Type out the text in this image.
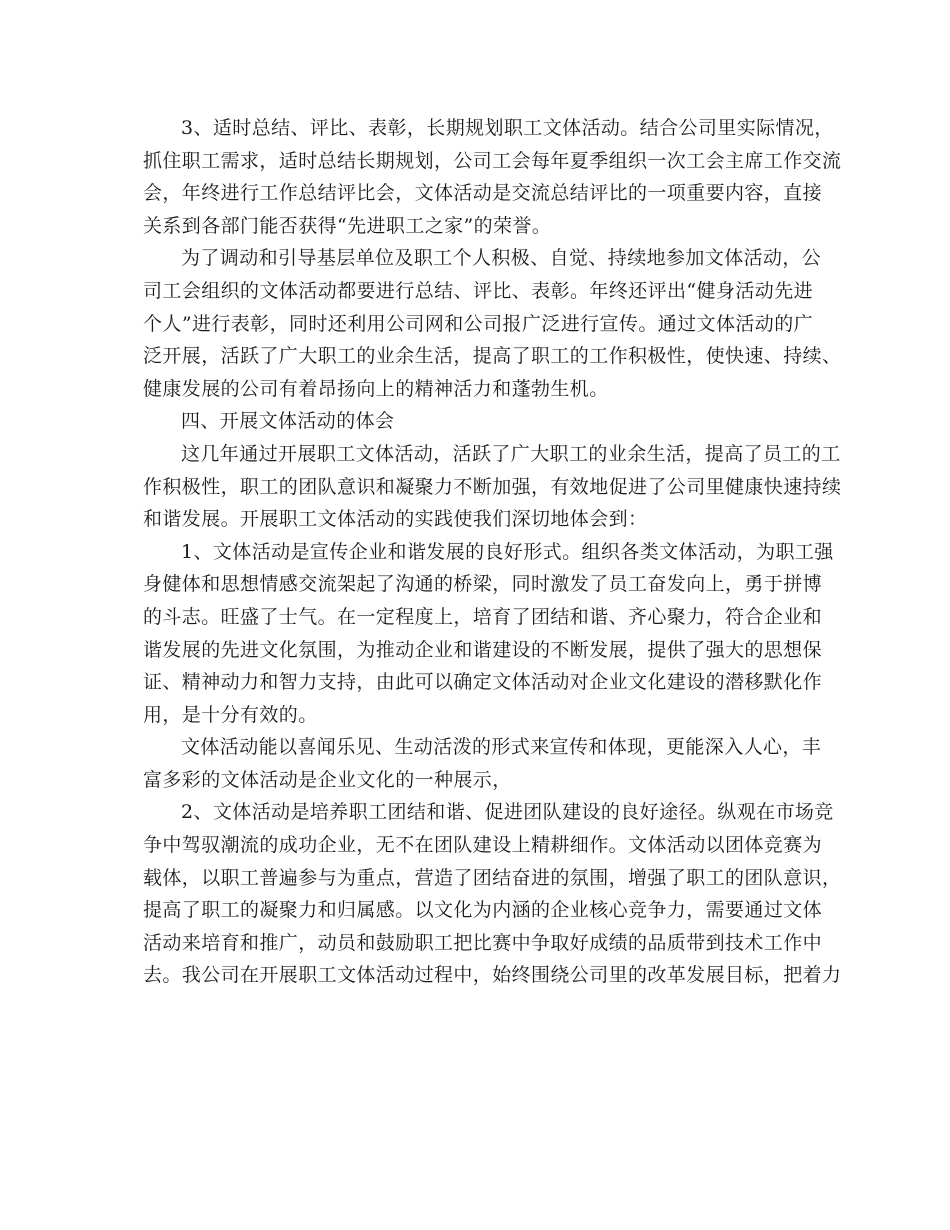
3、适时总结、评比、表彰，长期规划职工文体活动。结合公司里实际情况，
抓住职工需求，适时总结长期规划，公司工会每年夏季组织一次工会主席工作交流
会，年终进行工作总结评比会，文体活动是交流总结评比的一项重要内容，直接
关系到各部门能否获得“先进职工之家”的荣誉。
为了调动和引导基层单位及职工个人积极、自觉、持续地参加文体活动，公
司工会组织的文体活动都要进行总结、评比、表彰。年终还评出“健身活动先进
个人”进行表彰，同时还利用公司网和公司报广泛进行宣传。通过文体活动的广
泛开展，活跃了广大职工的业余生活，提高了职工的工作积极性，使快速、持续、
健康发展的公司有着昂扬向上的精神活力和蓬勃生机。
四、开展文体活动的体会
这几年通过开展职工文体活动，活跃了广大职工的业余生活，提高了员工的工
作积极性，职工的团队意识和凝聚力不断加强，有效地促进了公司里健康快速持续
和谐发展。开展职工文体活动的实践使我们深切地体会到：
1、文体活动是宣传企业和谐发展的良好形式。组织各类文体活动，为职工强
身健体和思想情感交流架起了沟通的桥梁，同时激发了员工奋发向上，勇于拼博
的斗志。旺盛了士气。在一定程度上，培育了团结和谐、齐心聚力，符合企业和
谐发展的先进文化氛围，为推动企业和谐建设的不断发展，提供了强大的思想保
证、精神动力和智力支持，由此可以确定文体活动对企业文化建设的潜移默化作
用，是十分有效的。
文体活动能以喜闻乐见、生动活泼的形式来宣传和体现，更能深入人心，丰
富多彩的文体活动是企业文化的一种展示，
2、文体活动是培养职工团结和谐、促进团队建设的良好途径。纵观在市场竞
争中驾驭潮流的成功企业，无不在团队建设上精耕细作。文体活动以团体竞赛为
载体，以职工普遍参与为重点，营造了团结奋进的氛围，增强了职工的团队意识，
提高了职工的凝聚力和归属感。以文化为内涵的企业核心竞争力，需要通过文体
活动来培育和推广，动员和鼓励职工把比赛中争取好成绩的品质带到技术工作中
去。我公司在开展职工文体活动过程中，始终围绕公司里的改革发展目标，把着力
